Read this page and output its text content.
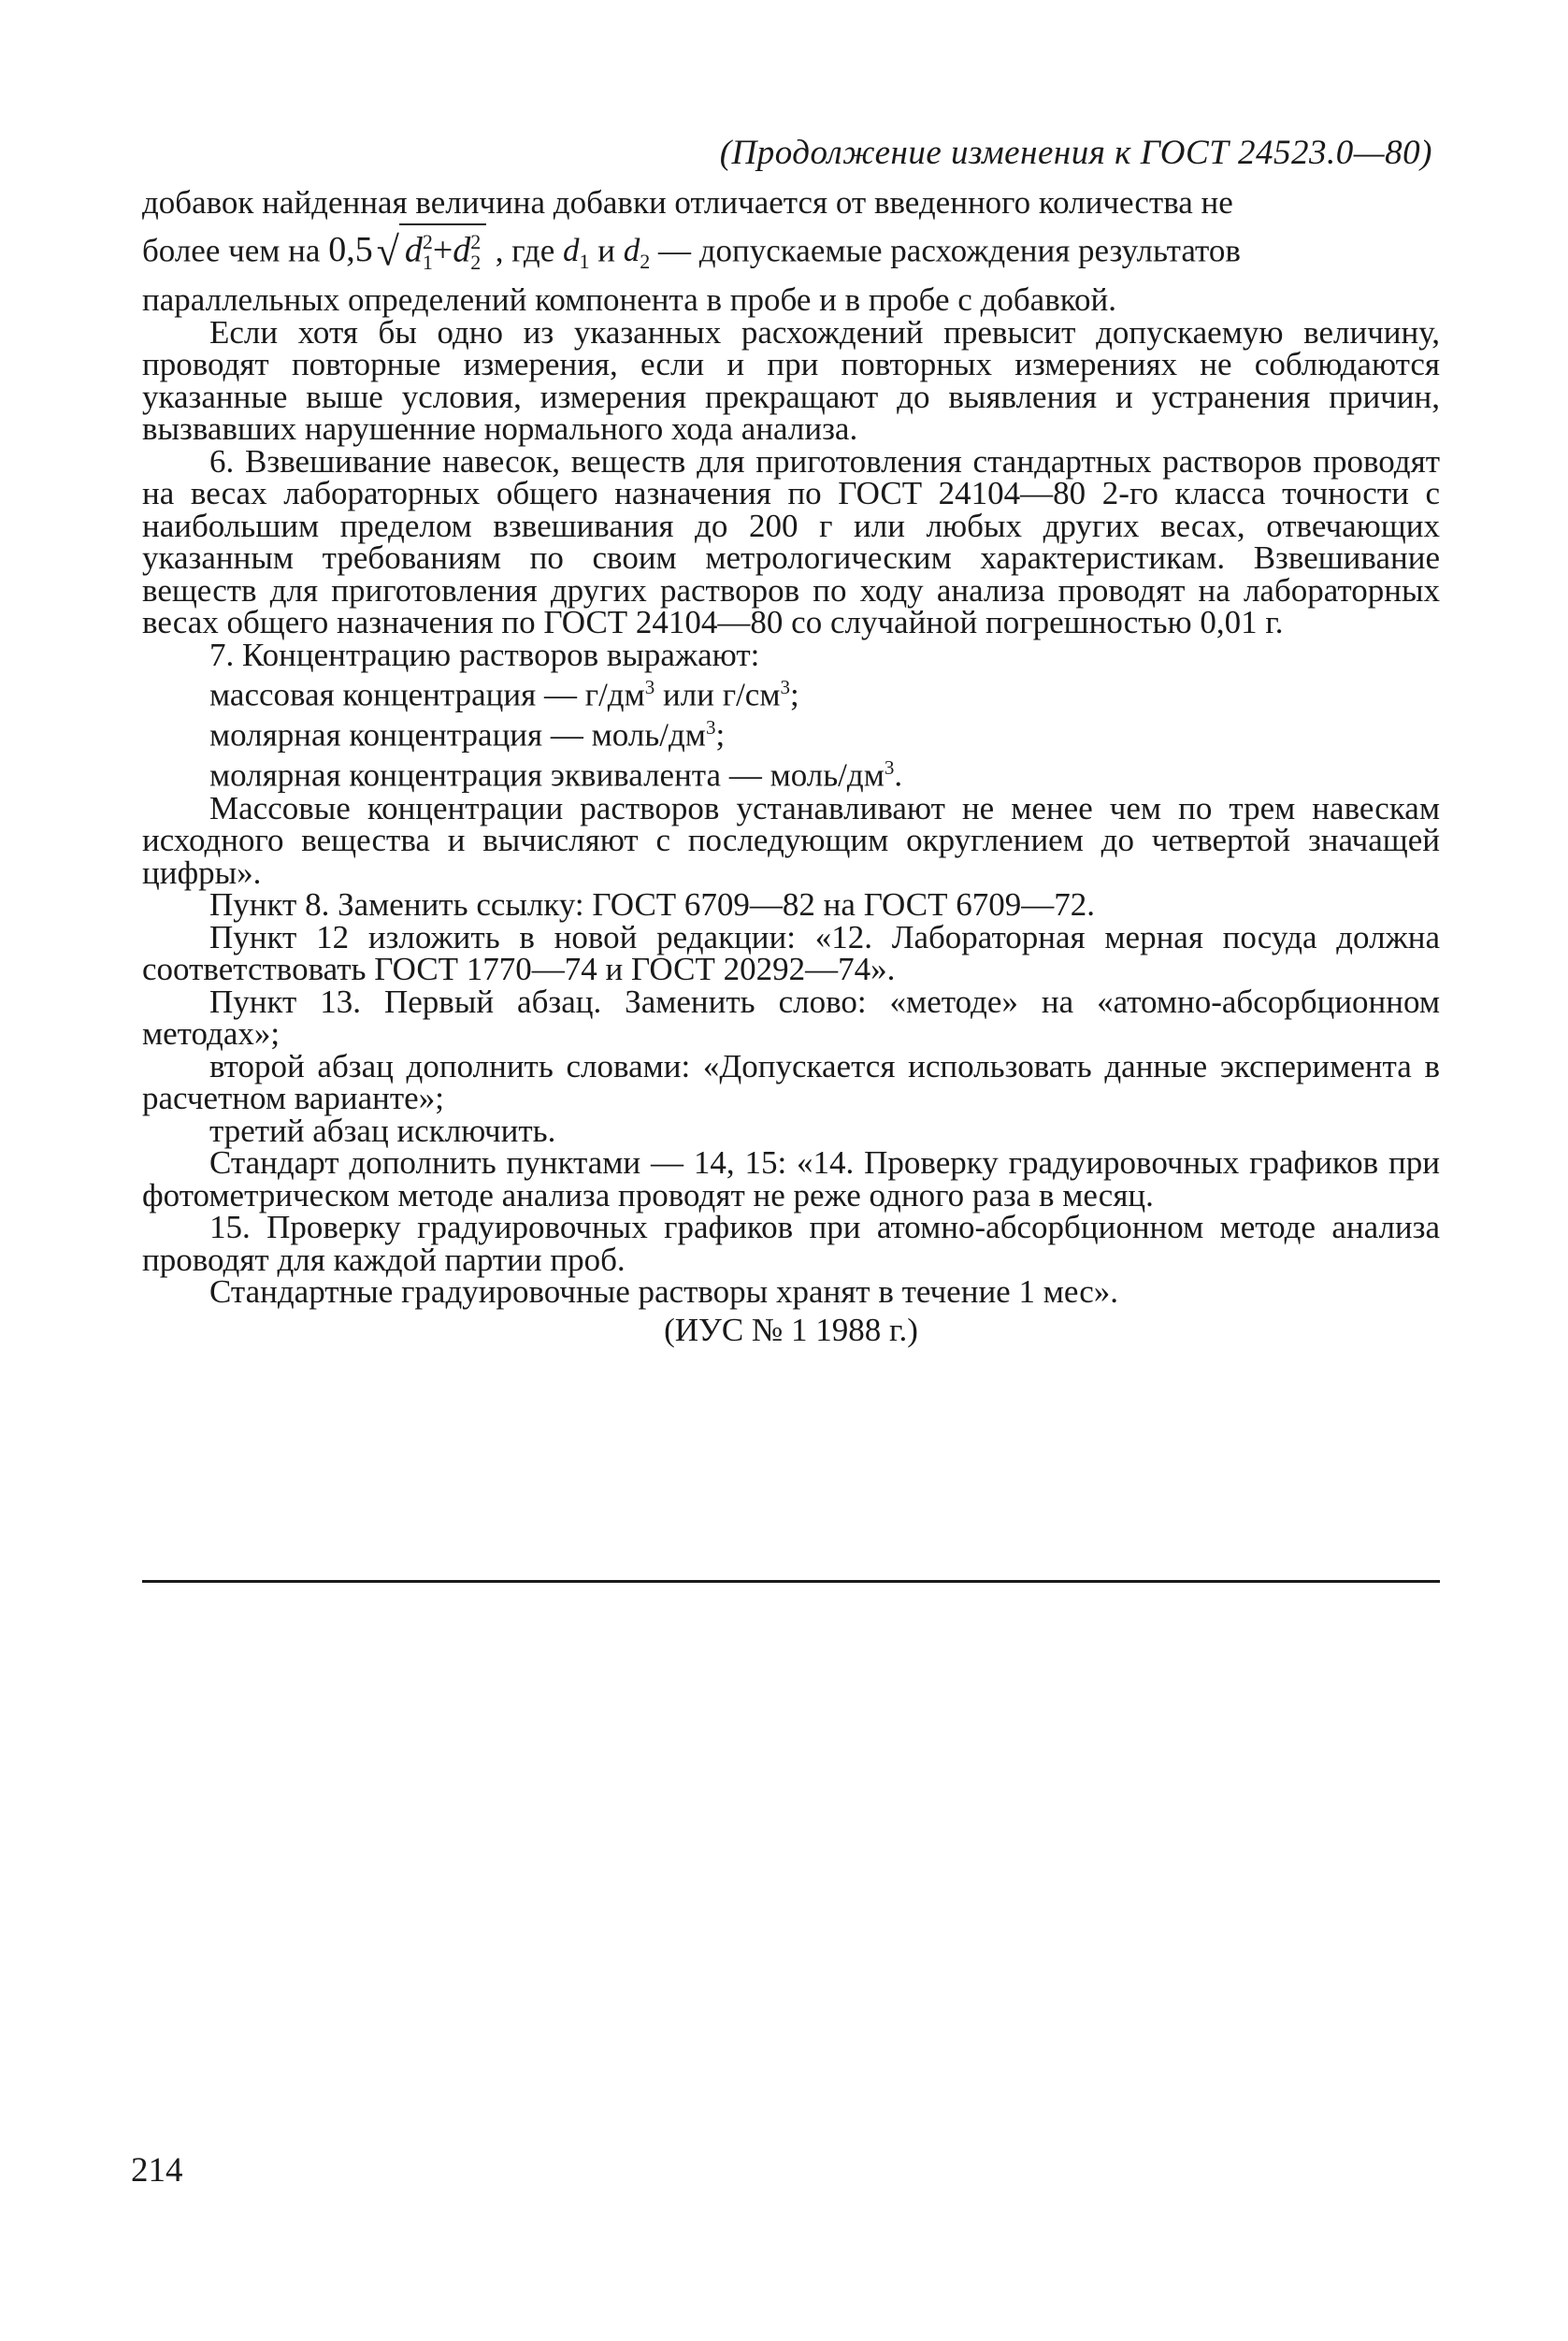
(Продолжение изменения к ГОСТ 24523.0—80)

добавок найденная величина добавки отличается от введенного количества не

более чем на 0,5√ $d^2_1+d^2_2$ , где $d_1$ и $d_2$ — допускаемые расхождения результатов

параллельных определений компонента в пробе и в пробе с добавкой.

Если хотя бы одно из указанных расхождений превысит допускаемую величину, проводят повторные измерения, если и при повторных измерениях не соблюдаются указанные выше условия, измерения прекращают до выявления и устранения причин, вызвавших нарушенние нормального хода анализа.

6. Взвешивание навесок, веществ для приготовления стандартных растворов проводят на весах лабораторных общего назначения по ГОСТ 24104—80 2-го класса точности с наибольшим пределом взвешивания до 200 г или любых других весах, отвечающих указанным требованиям по своим метрологическим характеристикам. Взвешивание веществ для приготовления других растворов по ходу анализа проводят на лабораторных весах общего назначения по ГОСТ 24104—80 со случайной погрешностью 0,01 г.

7. Концентрацию растворов выражают:

массовая концентрация — $г/дм^3$ или $г/см^3$;

молярная концентрация — моль/$дм^3$;

молярная концентрация эквивалента — моль/$дм^3$.

Массовые концентрации растворов устанавливают не менее чем по трем навескам исходного вещества и вычисляют с последующим округлением до четвертой значащей цифры».

Пункт 8. Заменить ссылку: ГОСТ 6709—82 на ГОСТ 6709—72.

Пункт 12 изложить в новой редакции: «12. Лабораторная мерная посуда должна соответствовать ГОСТ 1770—74 и ГОСТ 20292—74».

Пункт 13. Первый абзац. Заменить слово: «методе» на «атомно-абсорбционном методах»;

второй абзац дополнить словами: «Допускается использовать данные эксперимента в расчетном варианте»;

третий абзац исключить.

Стандарт дополнить пунктами — 14, 15: «14. Проверку градуировочных графиков при фотометрическом методе анализа проводят не реже одного раза в месяц.

15. Проверку градуировочных графиков при атомно-абсорбционном методе анализа проводят для каждой партии проб.

Стандартные градуировочные растворы хранят в течение 1 мес».

(ИУС № 1 1988 г.)

214
